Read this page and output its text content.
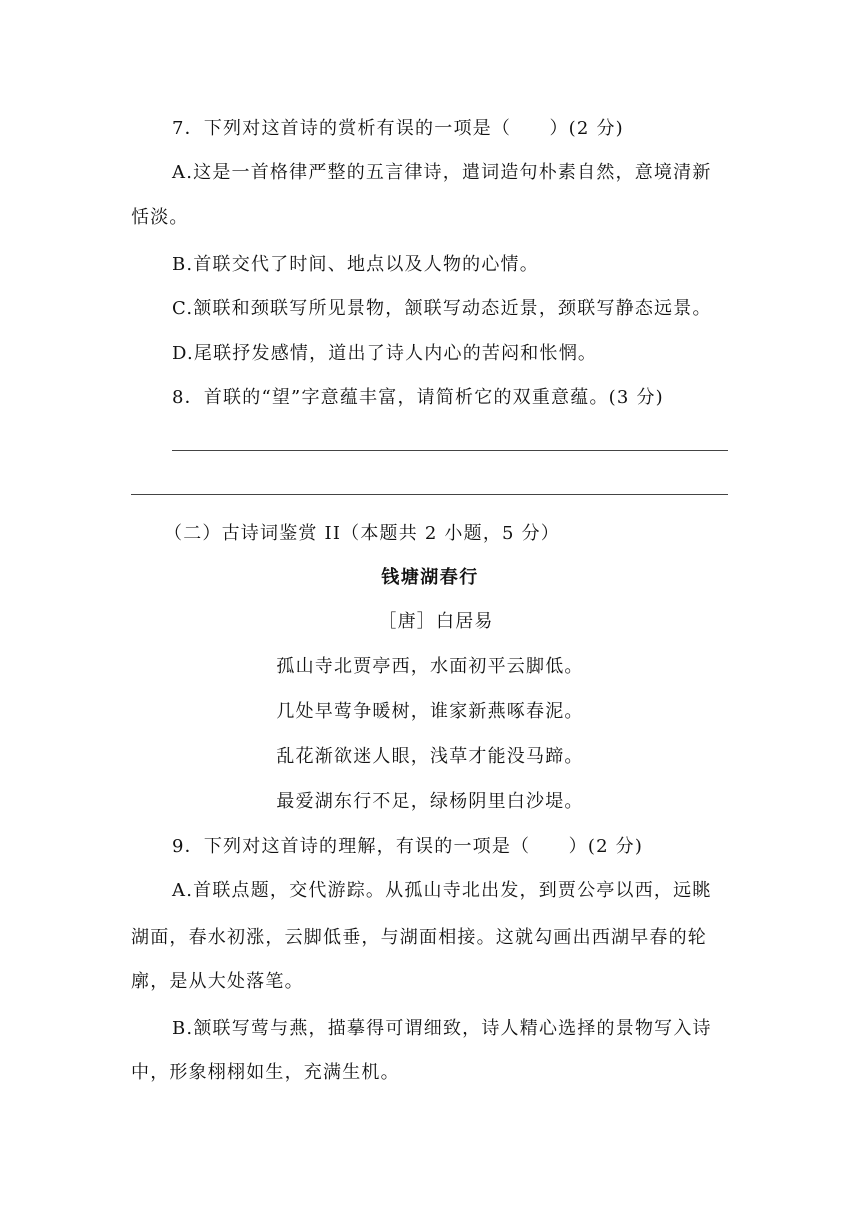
7．下列对这首诗的赏析有误的一项是（　　）(2 分)
A.这是一首格律严整的五言律诗，遣词造句朴素自然，意境清新
恬淡。
B.首联交代了时间、地点以及人物的心情。
C.颔联和颈联写所见景物，颔联写动态近景，颈联写静态远景。
D.尾联抒发感情，道出了诗人内心的苦闷和怅惘。
8．首联的“望”字意蕴丰富，请简析它的双重意蕴。(3 分)
（二）古诗词鉴赏 II（本题共 2 小题，5 分）
钱塘湖春行
［唐］白居易
孤山寺北贾亭西，水面初平云脚低。
几处早莺争暖树，谁家新燕啄春泥。
乱花渐欲迷人眼，浅草才能没马蹄。
最爱湖东行不足，绿杨阴里白沙堤。
9．下列对这首诗的理解，有误的一项是（　　）(2 分)
A.首联点题，交代游踪。从孤山寺北出发，到贾公亭以西，远眺
湖面，春水初涨，云脚低垂，与湖面相接。这就勾画出西湖早春的轮
廓，是从大处落笔。
B.颔联写莺与燕，描摹得可谓细致，诗人精心选择的景物写入诗
中，形象栩栩如生，充满生机。
